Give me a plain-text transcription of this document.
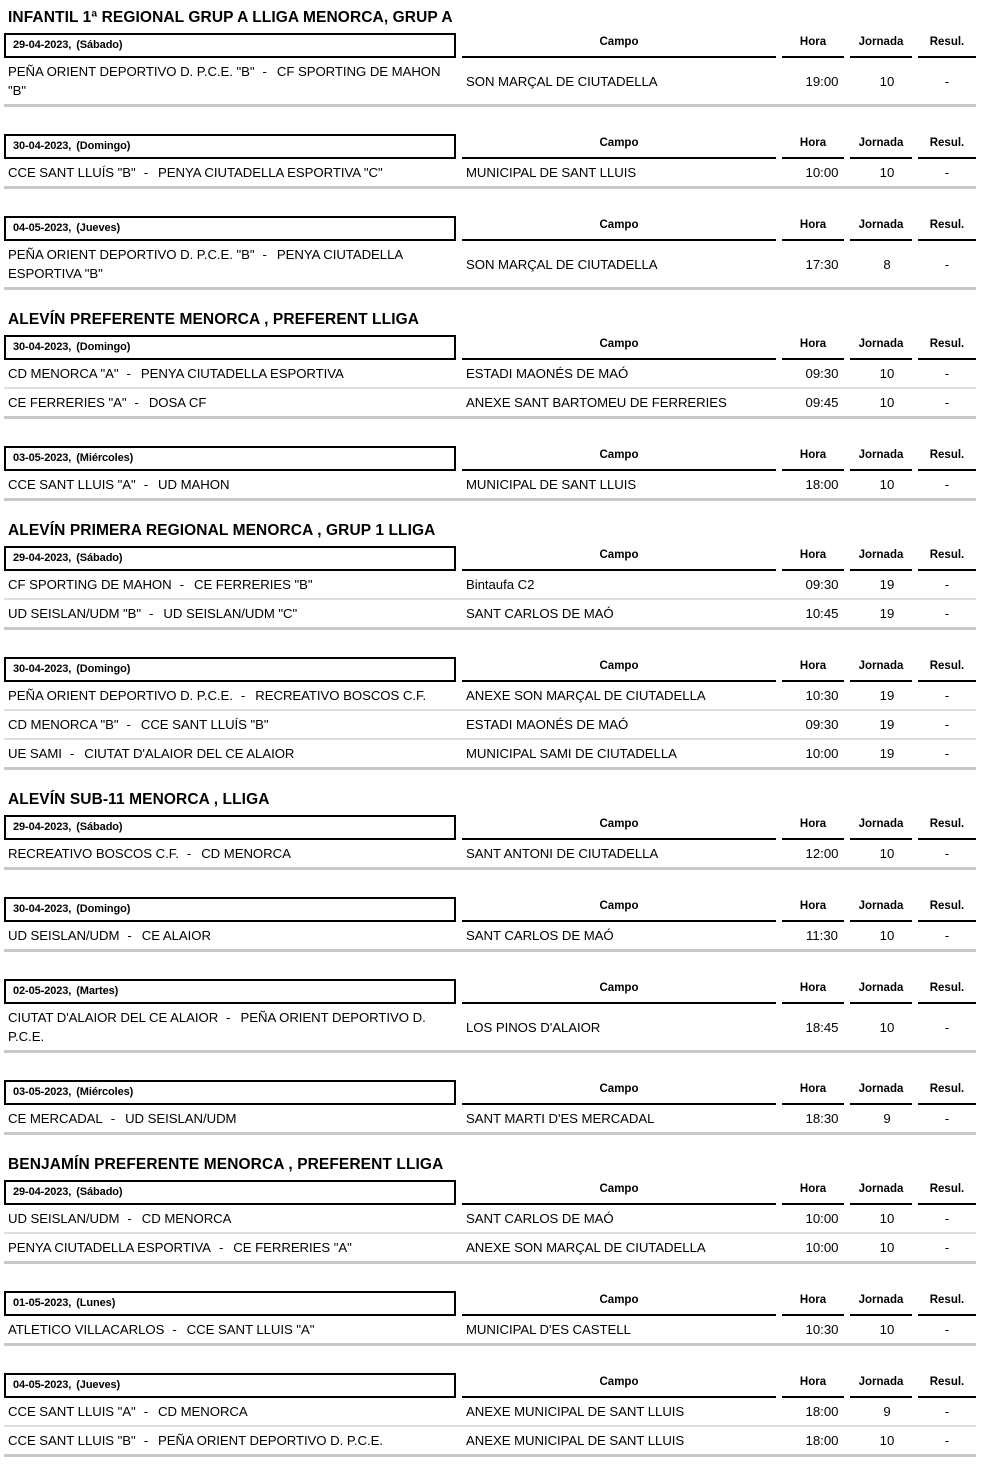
INFANTIL 1ª REGIONAL GRUP A LLIGA MENORCA, GRUP A
29-04-2023, (Sábado)	Campo	Hora	Jornada	Resul.
PEÑA ORIENT DEPORTIVO D. P.C.E. "B" - CF SPORTING DE MAHON "B"
SON MARÇAL DE CIUTADELLA	19:00	10	-
30-04-2023, (Domingo)	Campo	Hora	Jornada	Resul.
CCE SANT LLUÍS "B" - PENYA CIUTADELLA ESPORTIVA "C"	MUNICIPAL DE SANT LLUIS	10:00	10	-
04-05-2023, (Jueves)	Campo	Hora	Jornada	Resul.
PEÑA ORIENT DEPORTIVO D. P.C.E. "B" - PENYA CIUTADELLA ESPORTIVA "B"
SON MARÇAL DE CIUTADELLA	17:30	8	-
ALEVÍN PREFERENTE MENORCA , PREFERENT LLIGA
30-04-2023, (Domingo)	Campo	Hora	Jornada	Resul.
CD MENORCA "A" - PENYA CIUTADELLA ESPORTIVA	ESTADI MAONÉS DE MAÓ	09:30	10	-
CE FERRERIES "A" - DOSA CF	ANEXE SANT BARTOMEU DE FERRERIES	09:45	10	-
03-05-2023, (Miércoles)	Campo	Hora	Jornada	Resul.
CCE SANT LLUIS "A" - UD MAHON	MUNICIPAL DE SANT LLUIS	18:00	10	-
ALEVÍN PRIMERA REGIONAL MENORCA , GRUP 1 LLIGA
29-04-2023, (Sábado)	Campo	Hora	Jornada	Resul.
CF SPORTING DE MAHON - CE FERRERIES "B"	Bintaufa C2	09:30	19	-
UD SEISLAN/UDM "B" - UD SEISLAN/UDM "C"	SANT CARLOS DE MAÓ	10:45	19	-
30-04-2023, (Domingo)	Campo	Hora	Jornada	Resul.
PEÑA ORIENT DEPORTIVO D. P.C.E. - RECREATIVO BOSCOS C.F.	ANEXE SON MARÇAL DE CIUTADELLA	10:30	19	-
CD MENORCA "B" - CCE SANT LLUÍS "B"	ESTADI MAONÉS DE MAÓ	09:30	19	-
UE SAMI - CIUTAT D'ALAIOR DEL CE ALAIOR	MUNICIPAL SAMI DE CIUTADELLA	10:00	19	-
ALEVÍN SUB-11 MENORCA , LLIGA
29-04-2023, (Sábado)	Campo	Hora	Jornada	Resul.
RECREATIVO BOSCOS C.F. - CD MENORCA	SANT ANTONI DE CIUTADELLA	12:00	10	-
30-04-2023, (Domingo)	Campo	Hora	Jornada	Resul.
UD SEISLAN/UDM - CE ALAIOR	SANT CARLOS DE MAÓ	11:30	10	-
02-05-2023, (Martes)	Campo	Hora	Jornada	Resul.
CIUTAT D'ALAIOR DEL CE ALAIOR - PEÑA ORIENT DEPORTIVO D. P.C.E.
LOS PINOS D'ALAIOR	18:45	10	-
03-05-2023, (Miércoles)	Campo	Hora	Jornada	Resul.
CE MERCADAL - UD SEISLAN/UDM	SANT MARTI D'ES MERCADAL	18:30	9	-
BENJAMÍN PREFERENTE MENORCA , PREFERENT LLIGA
29-04-2023, (Sábado)	Campo	Hora	Jornada	Resul.
UD SEISLAN/UDM - CD MENORCA	SANT CARLOS DE MAÓ	10:00	10	-
PENYA CIUTADELLA ESPORTIVA - CE FERRERIES "A"	ANEXE SON MARÇAL DE CIUTADELLA	10:00	10	-
01-05-2023, (Lunes)	Campo	Hora	Jornada	Resul.
ATLETICO VILLACARLOS - CCE SANT LLUIS "A"	MUNICIPAL D'ES CASTELL	10:30	10	-
04-05-2023, (Jueves)	Campo	Hora	Jornada	Resul.
CCE SANT LLUIS "A" - CD MENORCA	ANEXE MUNICIPAL DE SANT LLUIS	18:00	9	-
CCE SANT LLUIS "B" - PEÑA ORIENT DEPORTIVO D. P.C.E.	ANEXE MUNICIPAL DE SANT LLUIS	18:00	10	-
